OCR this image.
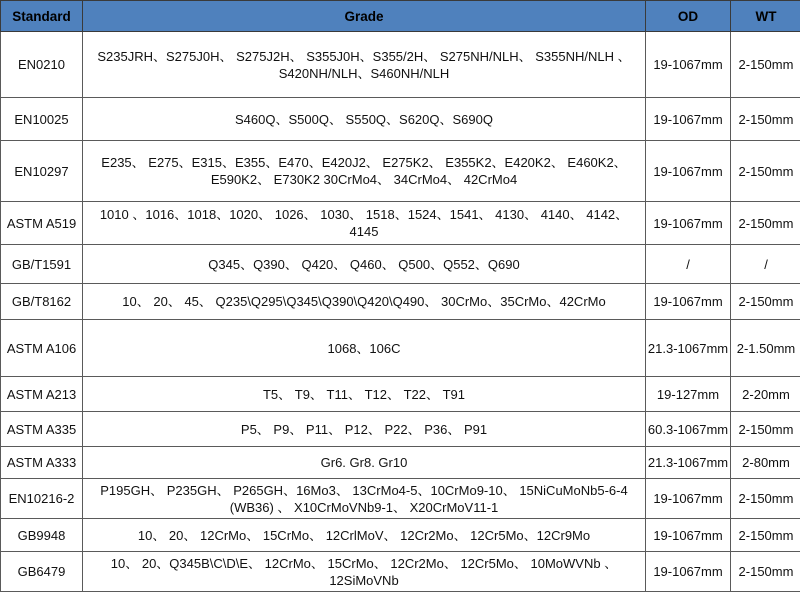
Standard	Grade	OD	WT
EN0210	S235JRH、S275J0H、 S275J2H、 S355J0H、S355/2H、 S275NH/NLH、 S355NH/NLH 、S420NH/NLH、S460NH/NLH	19-1067mm	2-150mm
EN10025	S460Q、S500Q、 S550Q、S620Q、S690Q	19-1067mm	2-150mm
EN10297	E235、 E275、E315、E355、E470、E420J2、 E275K2、 E355K2、E420K2、 E460K2、E590K2、 E730K2 30CrMo4、 34CrMo4、 42CrMo4	19-1067mm	2-150mm
ASTM A519	1010 、1016、1018、1020、 1026、 1030、 1518、1524、1541、 4130、 4140、 4142、 4145	19-1067mm	2-150mm
GB/T1591	Q345、Q390、 Q420、 Q460、 Q500、Q552、Q690	/	/
GB/T8162	10、 20、 45、 Q235\Q295\Q345\Q390\Q420\Q490、 30CrMo、35CrMo、42CrMo	19-1067mm	2-150mm
ASTM A106	1068、106C	21.3-1067mm	2-1.50mm
ASTM A213	T5、 T9、 T11、 T12、 T22、 T91	19-127mm	2-20mm
ASTM A335	P5、 P9、 P11、 P12、 P22、 P36、 P91	60.3-1067mm	2-150mm
ASTM A333	Gr6. Gr8. Gr10	21.3-1067mm	2-80mm
EN10216-2	P195GH、 P235GH、 P265GH、16Mo3、 13CrMo4-5、10CrMo9-10、 15NiCuMoNb5-6-4 (WB36) 、 X10CrMoVNb9-1、 X20CrMoV11-1	19-1067mm	2-150mm
GB9948	10、 20、 12CrMo、 15CrMo、 12CrlMoV、 12Cr2Mo、 12Cr5Mo、12Cr9Mo	19-1067mm	2-150mm
GB6479	10、 20、Q345B\C\D\E、 12CrMo、 15CrMo、 12Cr2Mo、 12Cr5Mo、 10MoWVNb 、12SiMoVNb	19-1067mm	2-150mm
